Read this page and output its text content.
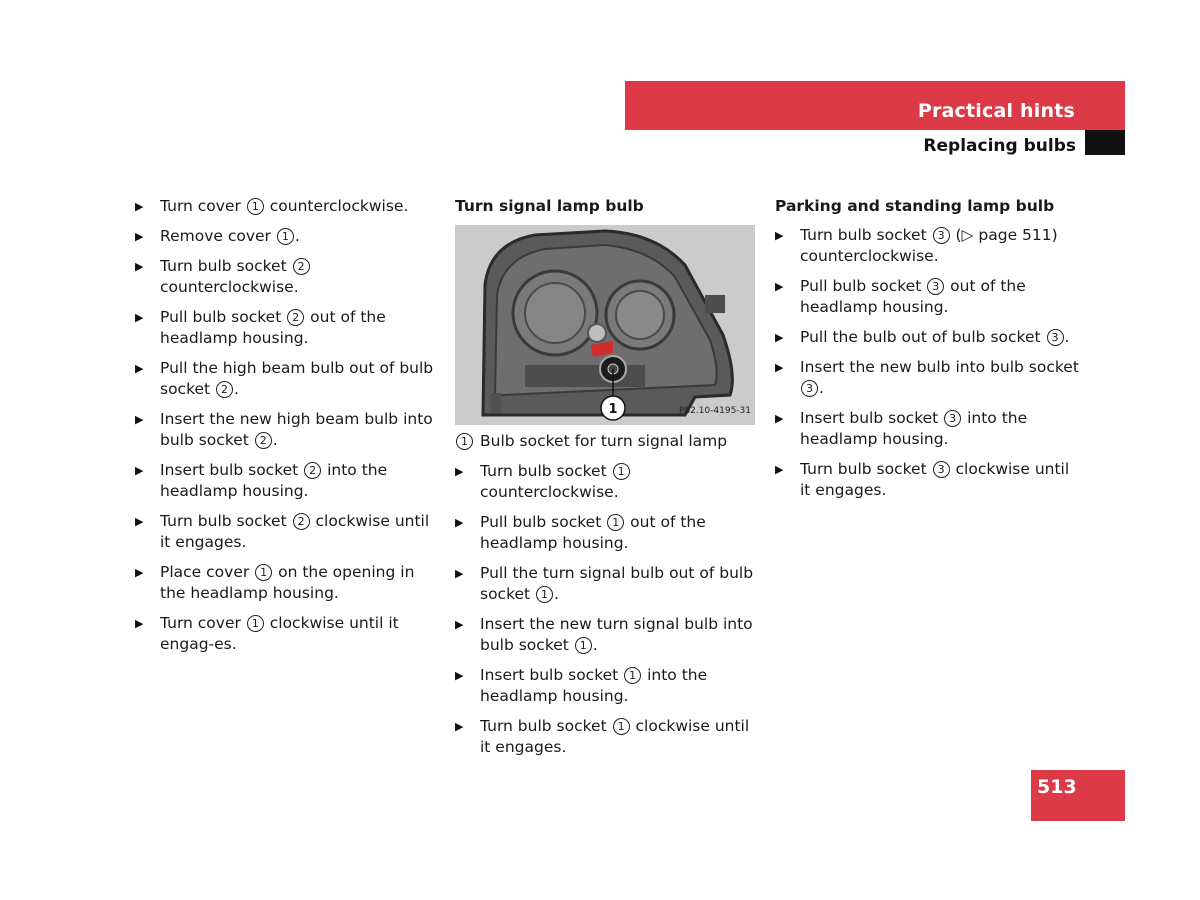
Practical hints
Replacing bulbs
▶	Turn cover 1 counterclockwise.
▶	Remove cover 1 .
▶	Turn bulb socket 2 counterclockwise.
▶	Pull bulb socket 2 out of the headlamp housing.
▶	Pull the high beam bulb out of bulb socket 2 .
▶	Insert the new high beam bulb into bulb socket 2 .
▶	Insert bulb socket 2 into the headlamp housing.
▶	Turn bulb socket 2 clockwise until it engages.
▶	Place cover 1 on the opening in the headlamp housing.
▶	Turn cover 1 clockwise until it engag-es.
Turn signal lamp bulb
1	P82.10-4195-31
1 Bulb socket for turn signal lamp
▶	Turn bulb socket 1 counterclockwise.
▶	Pull bulb socket 1 out of the headlamp housing.
▶	Pull the turn signal bulb out of bulb socket 1 .
▶	Insert the new turn signal bulb into bulb socket 1 .
▶	Insert bulb socket 1 into the headlamp housing.
▶	Turn bulb socket 1 clockwise until it engages.
Parking and standing lamp bulb
▶	Turn bulb socket 3 (▷ page 511) counterclockwise.
▶	Pull bulb socket 3 out of the headlamp housing.
▶	Pull the bulb out of bulb socket 3 .
▶	Insert the new bulb into bulb socket 3 .
▶	Insert bulb socket 3 into the headlamp housing.
▶	Turn bulb socket 3 clockwise until it engages.
513
